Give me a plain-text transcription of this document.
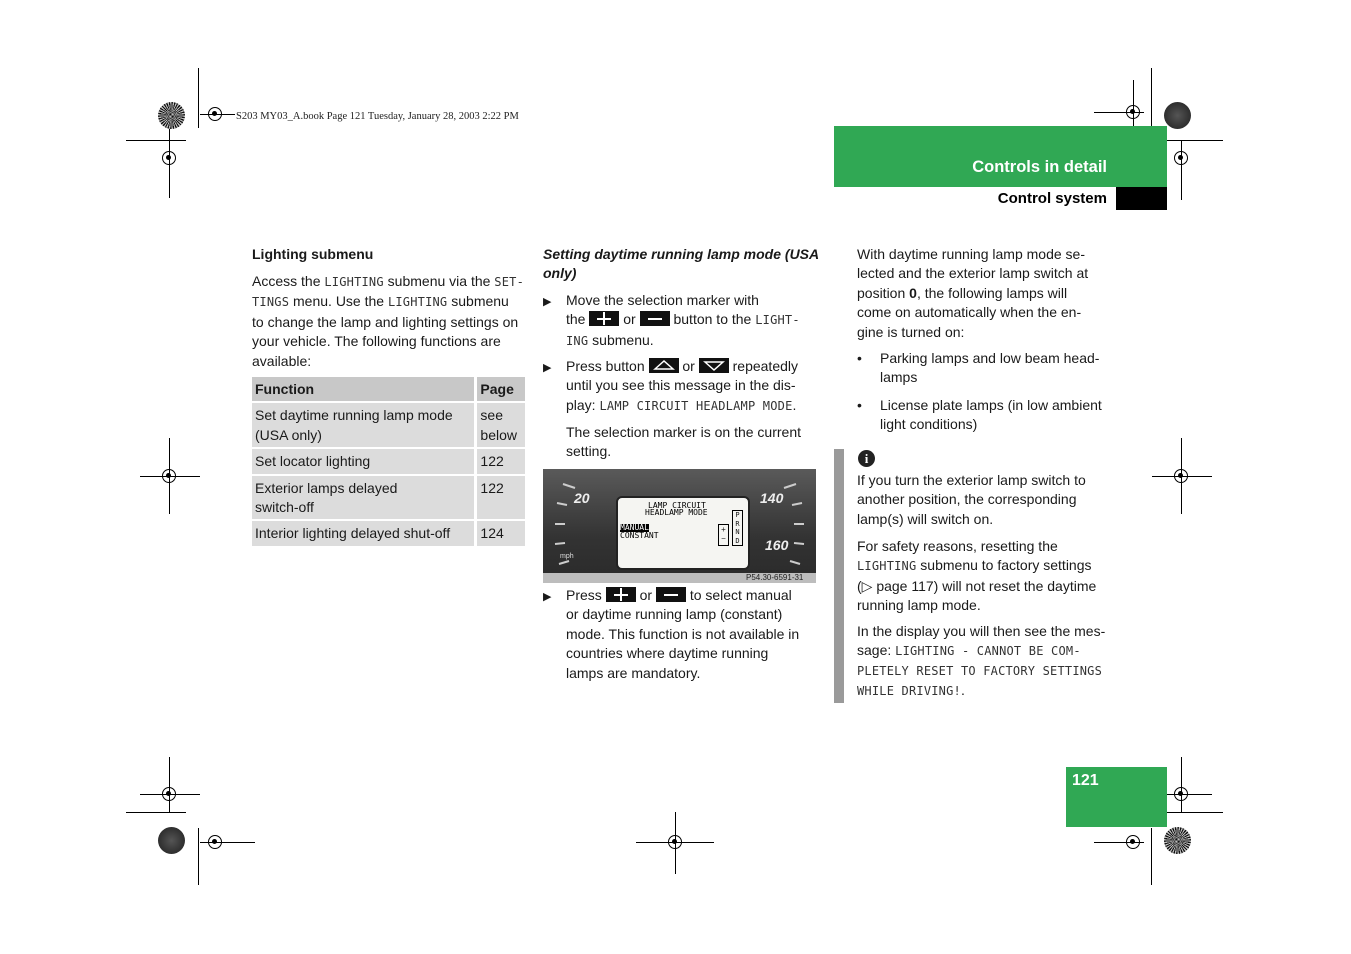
S203 MY03_A.book Page 121 Tuesday, January 28, 2003 2:22 PM
Controls in detail
Control system
Lighting submenu
Access the LIGHTING submenu via the SET-
TINGS menu. Use the LIGHTING submenu
to change the lamp and lighting settings on
your vehicle. The following functions are
available:
Function	Page
Set daytime running lamp mode (USA only)	see below
Set locator lighting	122
Exterior lamps delayed switch-off	122
Interior lighting delayed shut-off	124
Setting daytime running lamp mode (USA only)
▶ Move the selection marker with
the	or	button to the LIGHT-
ING submenu.
▶ Press button	or	repeatedly
until you see this message in the dis-
play: LAMP CIRCUIT HEADLAMP MODE.
The selection marker is on the current setting.
20	140
160
mph
LAMP CIRCUIT
HEADLAMP MODE
MANUAL
CONSTANT
+
−
P
R
N
D
P54.30-6591-31
▶ Press	or	to select manual
or daytime running lamp (constant)
mode. This function is not available in
countries where daytime running
lamps are mandatory.
With daytime running lamp mode se-
lected and the exterior lamp switch at
position 0, the following lamps will
come on automatically when the en-
gine is turned on:
• Parking lamps and low beam head-
lamps
• License plate lamps (in low ambient
light conditions)
i
If you turn the exterior lamp switch to
another position, the corresponding
lamp(s) will switch on.
For safety reasons, resetting the
LIGHTING submenu to factory settings
(▷ page 117) will not reset the daytime
running lamp mode.
In the display you will then see the mes-
sage: LIGHTING - CANNOT BE COM-
PLETELY RESET TO FACTORY SETTINGS
WHILE DRIVING!.
121
